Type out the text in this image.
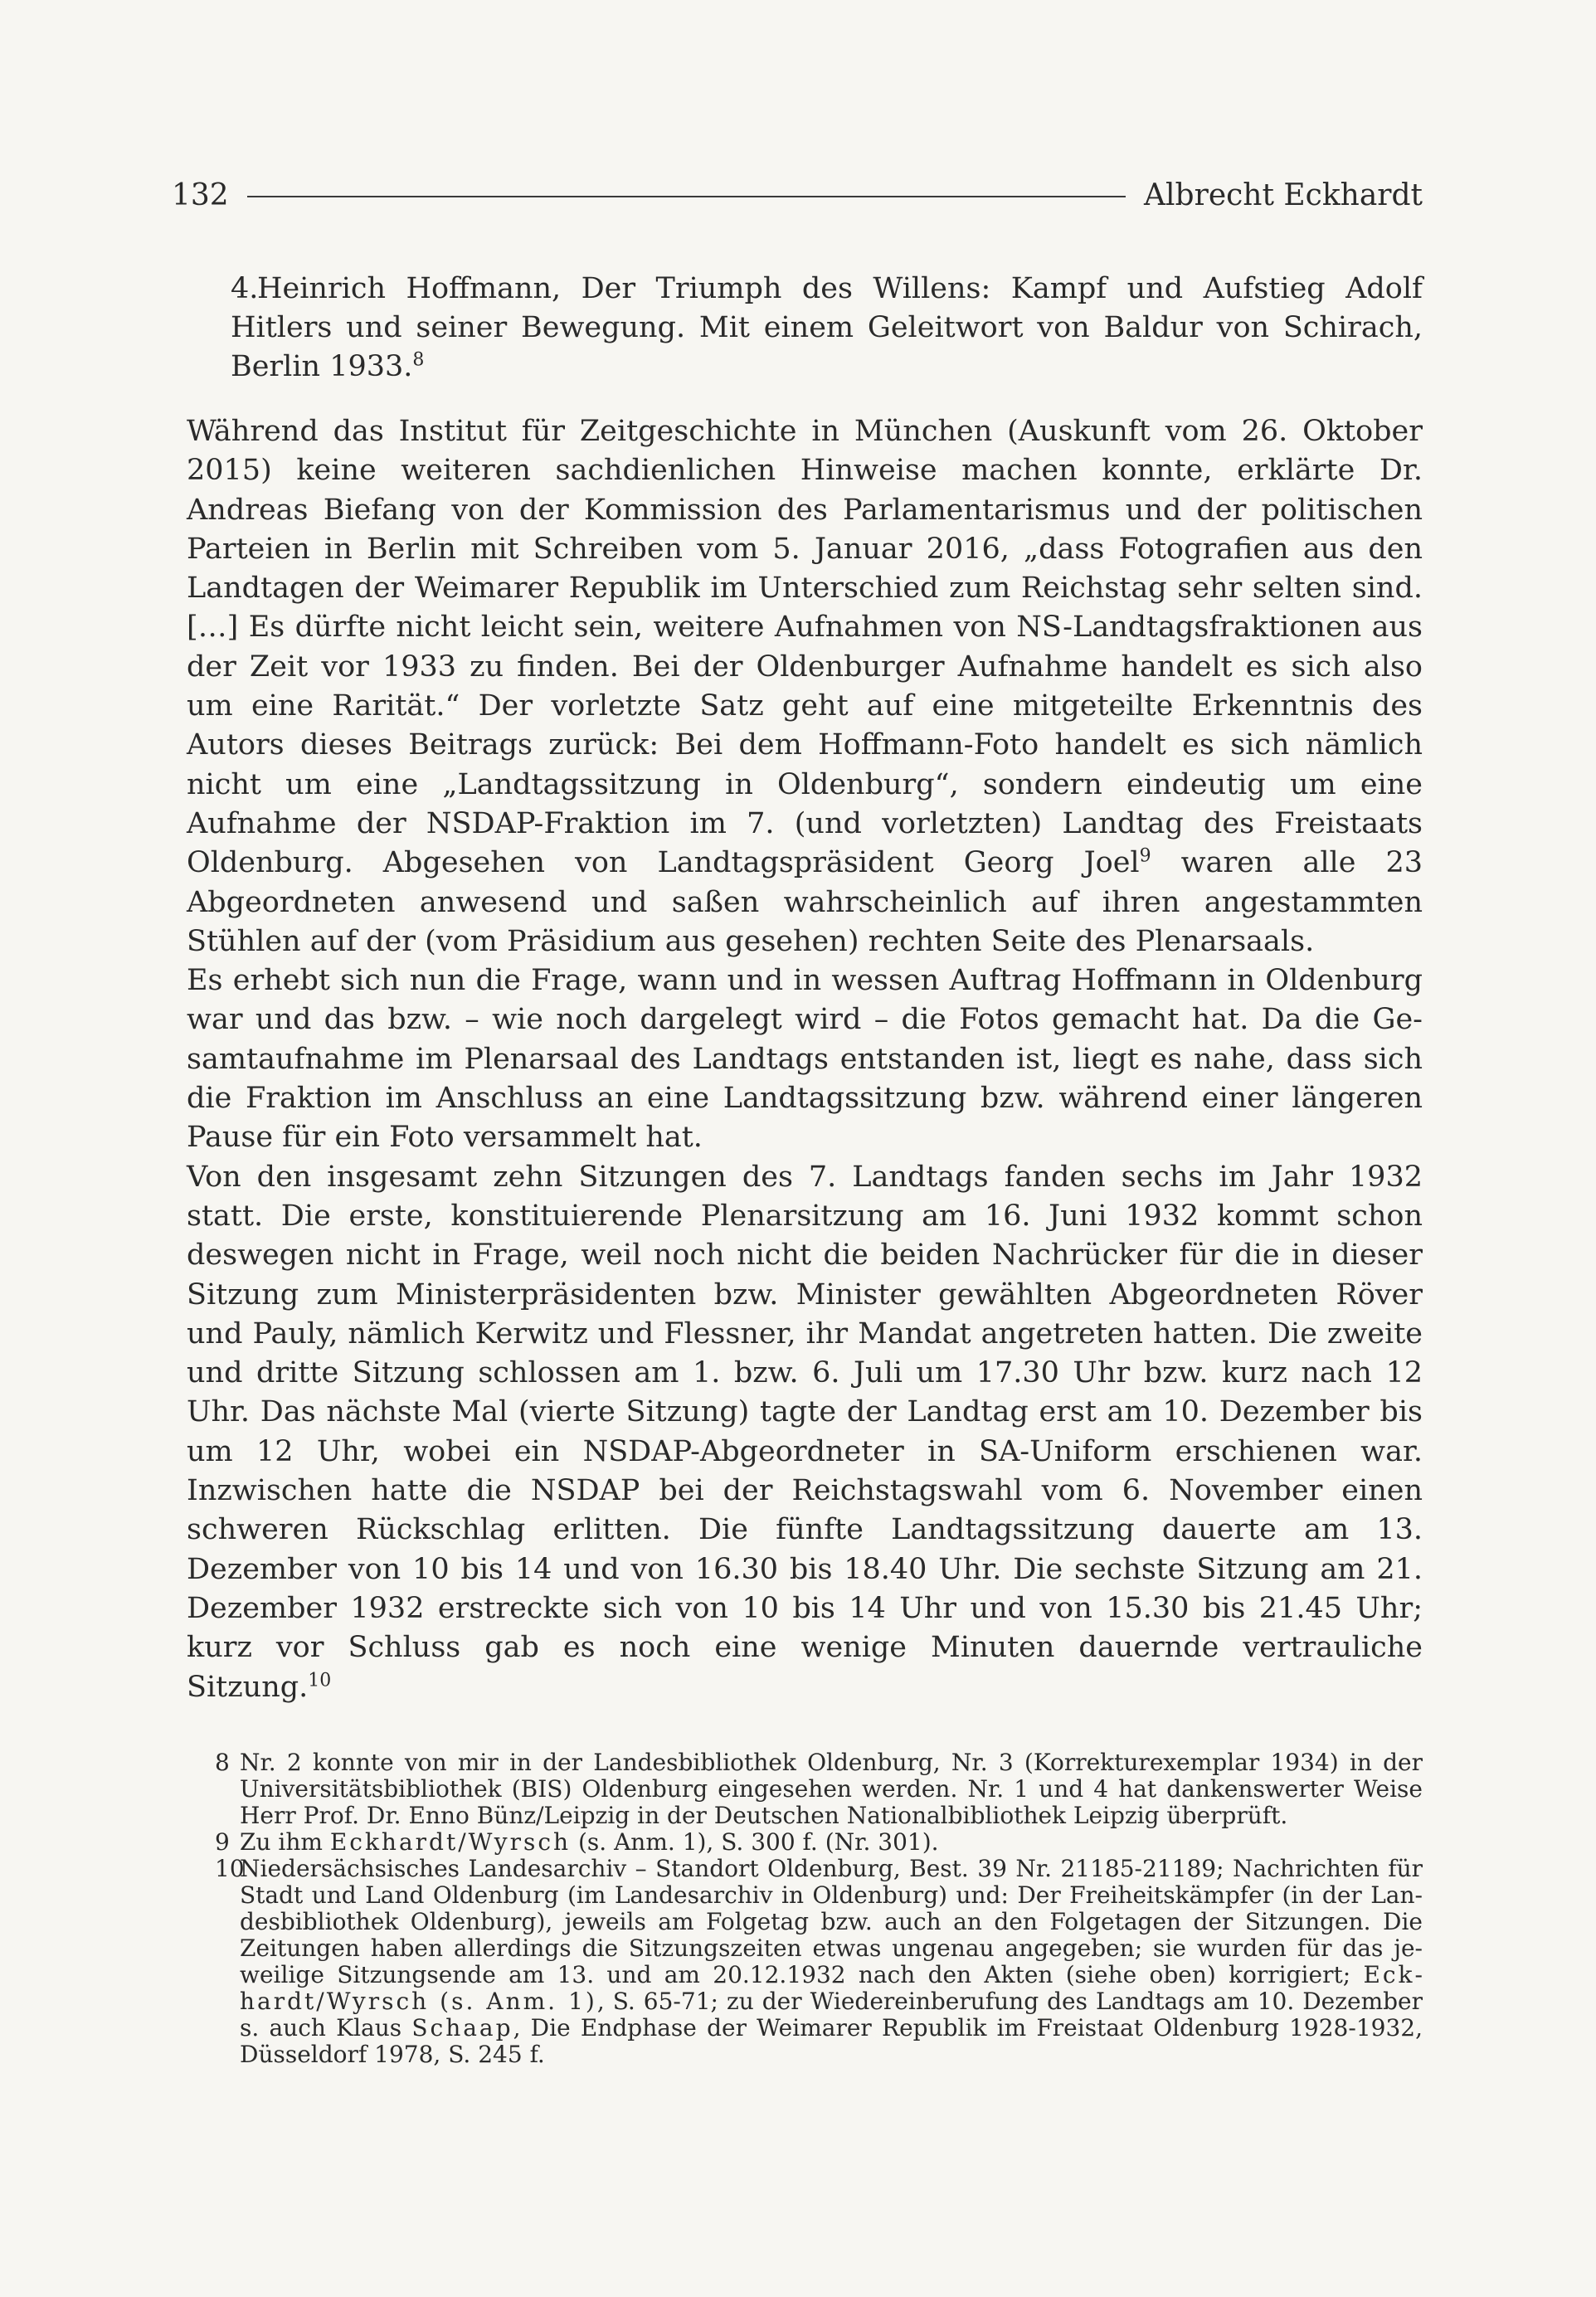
132	Albrecht Eckhardt
4.Heinrich Hoffmann, Der Triumph des Willens: Kampf und Aufstieg Adolf Hitlers und seiner Bewegung. Mit einem Geleitwort von Baldur von Schirach, Berlin 1933.$^8$

Während das Institut für Zeitgeschichte in München (Auskunft vom 26. Oktober 2015) keine weiteren sachdienlichen Hinweise machen konnte, erklärte Dr. Andreas Biefang von der Kommission des Parlamentarismus und der politischen Parteien in Berlin mit Schreiben vom 5. Januar 2016, „dass Fotografien aus den Landtagen der Weimarer Republik im Unterschied zum Reichstag sehr selten sind. […] Es dürfte nicht leicht sein, weitere Aufnahmen von NS-Landtagsfraktionen aus der Zeit vor 1933 zu finden. Bei der Oldenburger Aufnahme handelt es sich also um eine Rarität.“ Der vorletzte Satz geht auf eine mitgeteilte Erkenntnis des Autors dieses Beitrags zurück: Bei dem Hoffmann-Foto handelt es sich nämlich nicht um eine „Landtagssitzung in Oldenburg“, sondern eindeutig um eine Aufnahme der NSDAP-Fraktion im 7. (und vorletzten) Landtag des Freistaats Oldenburg. Abgesehen von Landtagspräsident Georg Joel$^9$ waren alle 23 Abgeordneten anwesend und saßen wahrscheinlich auf ihren angestammten Stühlen auf der (vom Präsidium aus gesehen) rechten Seite des Plenarsaals.

Es erhebt sich nun die Frage, wann und in wessen Auftrag Hoffmann in Oldenburg war und das bzw. – wie noch dargelegt wird – die Fotos gemacht hat. Da die Gesamtaufnahme im Plenarsaal des Landtags entstanden ist, liegt es nahe, dass sich die Fraktion im Anschluss an eine Landtagssitzung bzw. während einer längeren Pause für ein Foto versammelt hat.

Von den insgesamt zehn Sitzungen des 7. Landtags fanden sechs im Jahr 1932 statt. Die erste, konstituierende Plenarsitzung am 16. Juni 1932 kommt schon deswegen nicht in Frage, weil noch nicht die beiden Nachrücker für die in dieser Sitzung zum Ministerpräsidenten bzw. Minister gewählten Abgeordneten Röver und Pauly, nämlich Kerwitz und Flessner, ihr Mandat angetreten hatten. Die zweite und dritte Sitzung schlossen am 1. bzw. 6. Juli um 17.30 Uhr bzw. kurz nach 12 Uhr. Das nächste Mal (vierte Sitzung) tagte der Landtag erst am 10. Dezember bis um 12 Uhr, wobei ein NSDAP-Abgeordneter in SA-Uniform erschienen war. Inzwischen hatte die NSDAP bei der Reichstagswahl vom 6. November einen schweren Rückschlag erlitten. Die fünfte Landtagssitzung dauerte am 13. Dezember von 10 bis 14 und von 16.30 bis 18.40 Uhr. Die sechste Sitzung am 21. Dezember 1932 erstreckte sich von 10 bis 14 Uhr und von 15.30 bis 21.45 Uhr; kurz vor Schluss gab es noch eine wenige Minuten dauernde vertrauliche Sitzung.$^{10}$

8 Nr. 2 konnte von mir in der Landesbibliothek Oldenburg, Nr. 3 (Korrekturexemplar 1934) in der Universitätsbibliothek (BIS) Oldenburg eingesehen werden. Nr. 1 und 4 hat dankenswerter Weise Herr Prof. Dr. Enno Bünz/Leipzig in der Deutschen Nationalbibliothek Leipzig überprüft.
9 Zu ihm Eckhardt/Wyrsch (s. Anm. 1), S. 300 f. (Nr. 301).
10
Niedersächsisches Landesarchiv – Standort Oldenburg, Best. 39 Nr. 21185-21189; Nachrichten für Stadt und Land Oldenburg (im Landesarchiv in Oldenburg) und: Der Freiheitskämpfer (in der Landesbibliothek Oldenburg), jeweils am Folgetag bzw. auch an den Folgetagen der Sitzungen. Die Zeitungen haben allerdings die Sitzungszeiten etwas ungenau angegeben; sie wurden für das jeweilige Sitzungsende am 13. und am 20.12.1932 nach den Akten (siehe oben) korrigiert; Eckhardt/Wyrsch (s. Anm. 1), S. 65-71; zu der Wiedereinberufung des Landtags am 10. Dezember s. auch Klaus Schaap, Die Endphase der Weimarer Republik im Freistaat Oldenburg 1928-1932, Düsseldorf 1978, S. 245 f.
